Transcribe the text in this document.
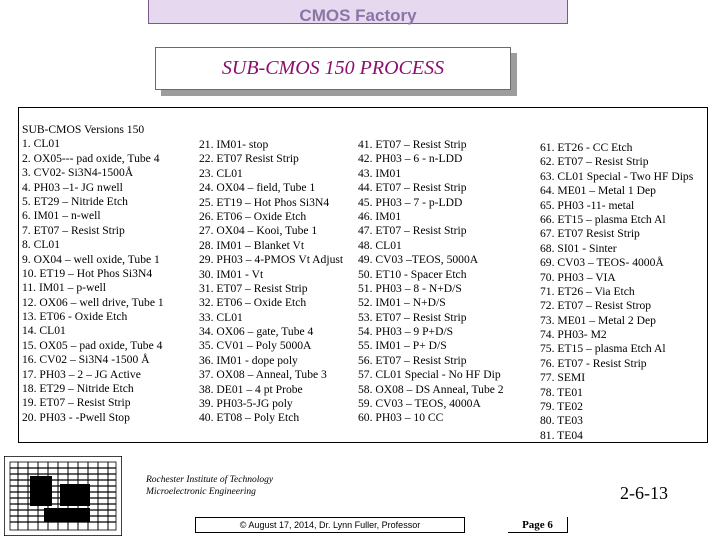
CMOS Factory
SUB-CMOS 150 PROCESS
SUB-CMOS Versions 150
1. CL01
2. OX05--- pad oxide, Tube 4
3. CV02- Si3N4-1500Å
4. PH03 –1- JG nwell
5. ET29 – Nitride Etch
6. IM01 – n-well
7. ET07 – Resist Strip
8. CL01
9. OX04 – well oxide, Tube 1
10. ET19 – Hot Phos Si3N4
11. IM01 – p-well
12. OX06 – well drive, Tube 1
13. ET06 - Oxide Etch
14. CL01
15. OX05 – pad oxide, Tube 4
16. CV02 – Si3N4 -1500 Å
17. PH03 – 2 – JG Active
18. ET29 – Nitride Etch
19. ET07 – Resist Strip
20. PH03 - -Pwell Stop
21. IM01- stop
22. ET07 Resist Strip
23. CL01
24. OX04 – field, Tube 1
25. ET19 – Hot Phos Si3N4
26. ET06 – Oxide Etch
27. OX04 – Kooi, Tube 1
28. IM01 – Blanket Vt
29. PH03 – 4-PMOS Vt Adjust
30. IM01 - Vt
31. ET07 – Resist Strip
32. ET06 – Oxide Etch
33. CL01
34. OX06 – gate, Tube 4
35. CV01 – Poly 5000A
36. IM01 - dope poly
37. OX08 – Anneal, Tube 3
38. DE01 – 4 pt Probe
39. PH03-5-JG poly
40. ET08 – Poly Etch
41. ET07 – Resist Strip
42. PH03 – 6 - n-LDD
43. IM01
44. ET07 – Resist Strip
45. PH03 – 7 - p-LDD
46. IM01
47. ET07 – Resist Strip
48. CL01
49. CV03 –TEOS, 5000A
50. ET10 - Spacer Etch
51. PH03 – 8 - N+D/S
52. IM01 – N+D/S
53. ET07 – Resist Strip
54. PH03 – 9 P+D/S
55. IM01 – P+ D/S
56. ET07 – Resist Strip
57. CL01 Special - No HF Dip
58. OX08 – DS Anneal, Tube 2
59. CV03 – TEOS, 4000A
60. PH03 – 10 CC
61. ET26 - CC Etch
62. ET07 – Resist Strip
63. CL01 Special - Two HF Dips
64. ME01 – Metal 1 Dep
65. PH03 -11- metal
66. ET15 – plasma Etch Al
67. ET07 Resist Strip
68. SI01 - Sinter
69. CV03 – TEOS- 4000Å
70. PH03 – VIA
71. ET26 – Via Etch
72. ET07 – Resist Strop
73. ME01 – Metal 2 Dep
74. PH03- M2
75. ET15 – plasma Etch Al
76. ET07 - Resist Strip
77. SEMI
78. TE01
79. TE02
80. TE03
81. TE04
Rochester Institute of Technology
Microelectronic Engineering	2-6-13
© August 17, 2014, Dr. Lynn Fuller, Professor	Page 6
